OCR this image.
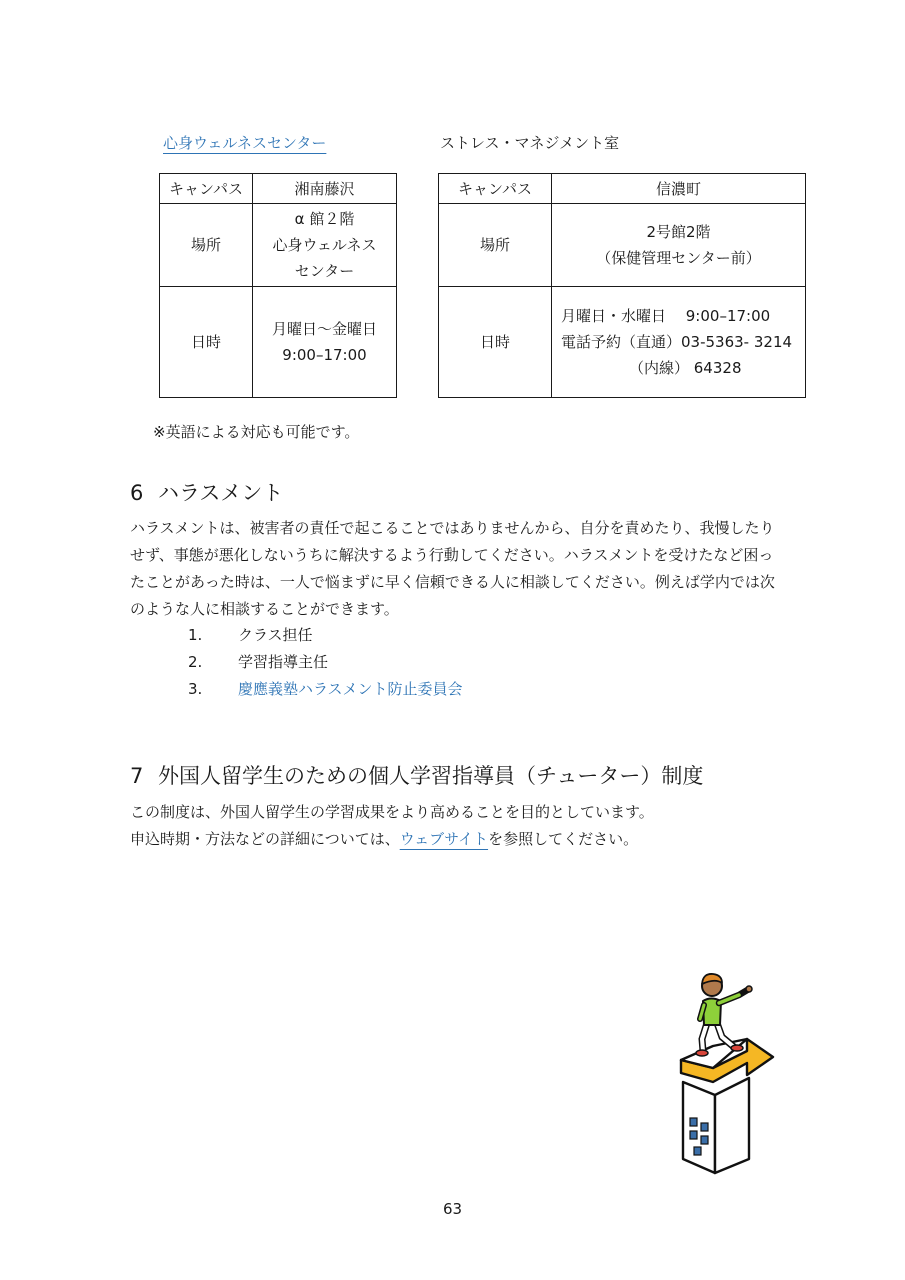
心身ウェルネスセンター	ストレス・マネジメント室
キャンパス	湘南藤沢
場所	α 館２階
心身ウェルネス
センター

日時	月曜日〜金曜日
9:00–17:00
キャンパス	信濃町
場所	2号館2階
（保健管理センター前）

日時	月曜日・水曜日　 9:00–17:00
電話予約（直通）03-5363- 3214
（内線） 64328
※英語による対応も可能です。
6 ハラスメント

ハラスメントは、被害者の責任で起こることではありませんから、自分を責めたり、我慢したりせず、事態が悪化しないうちに解決するよう行動してください。ハラスメントを受けたなど困ったことがあった時は、一人で悩まずに早く信頼できる人に相談してください。例えば学内では次のような人に相談することができます。

1. クラス担任
2. 学習指導主任
3. 慶應義塾ハラスメント防止委員会
7 外国人留学生のための個人学習指導員（チューター）制度
この制度は、外国人留学生の学習成果をより高めることを目的としています。
申込時期・方法などの詳細については、ウェブサイトを参照してください。
63
